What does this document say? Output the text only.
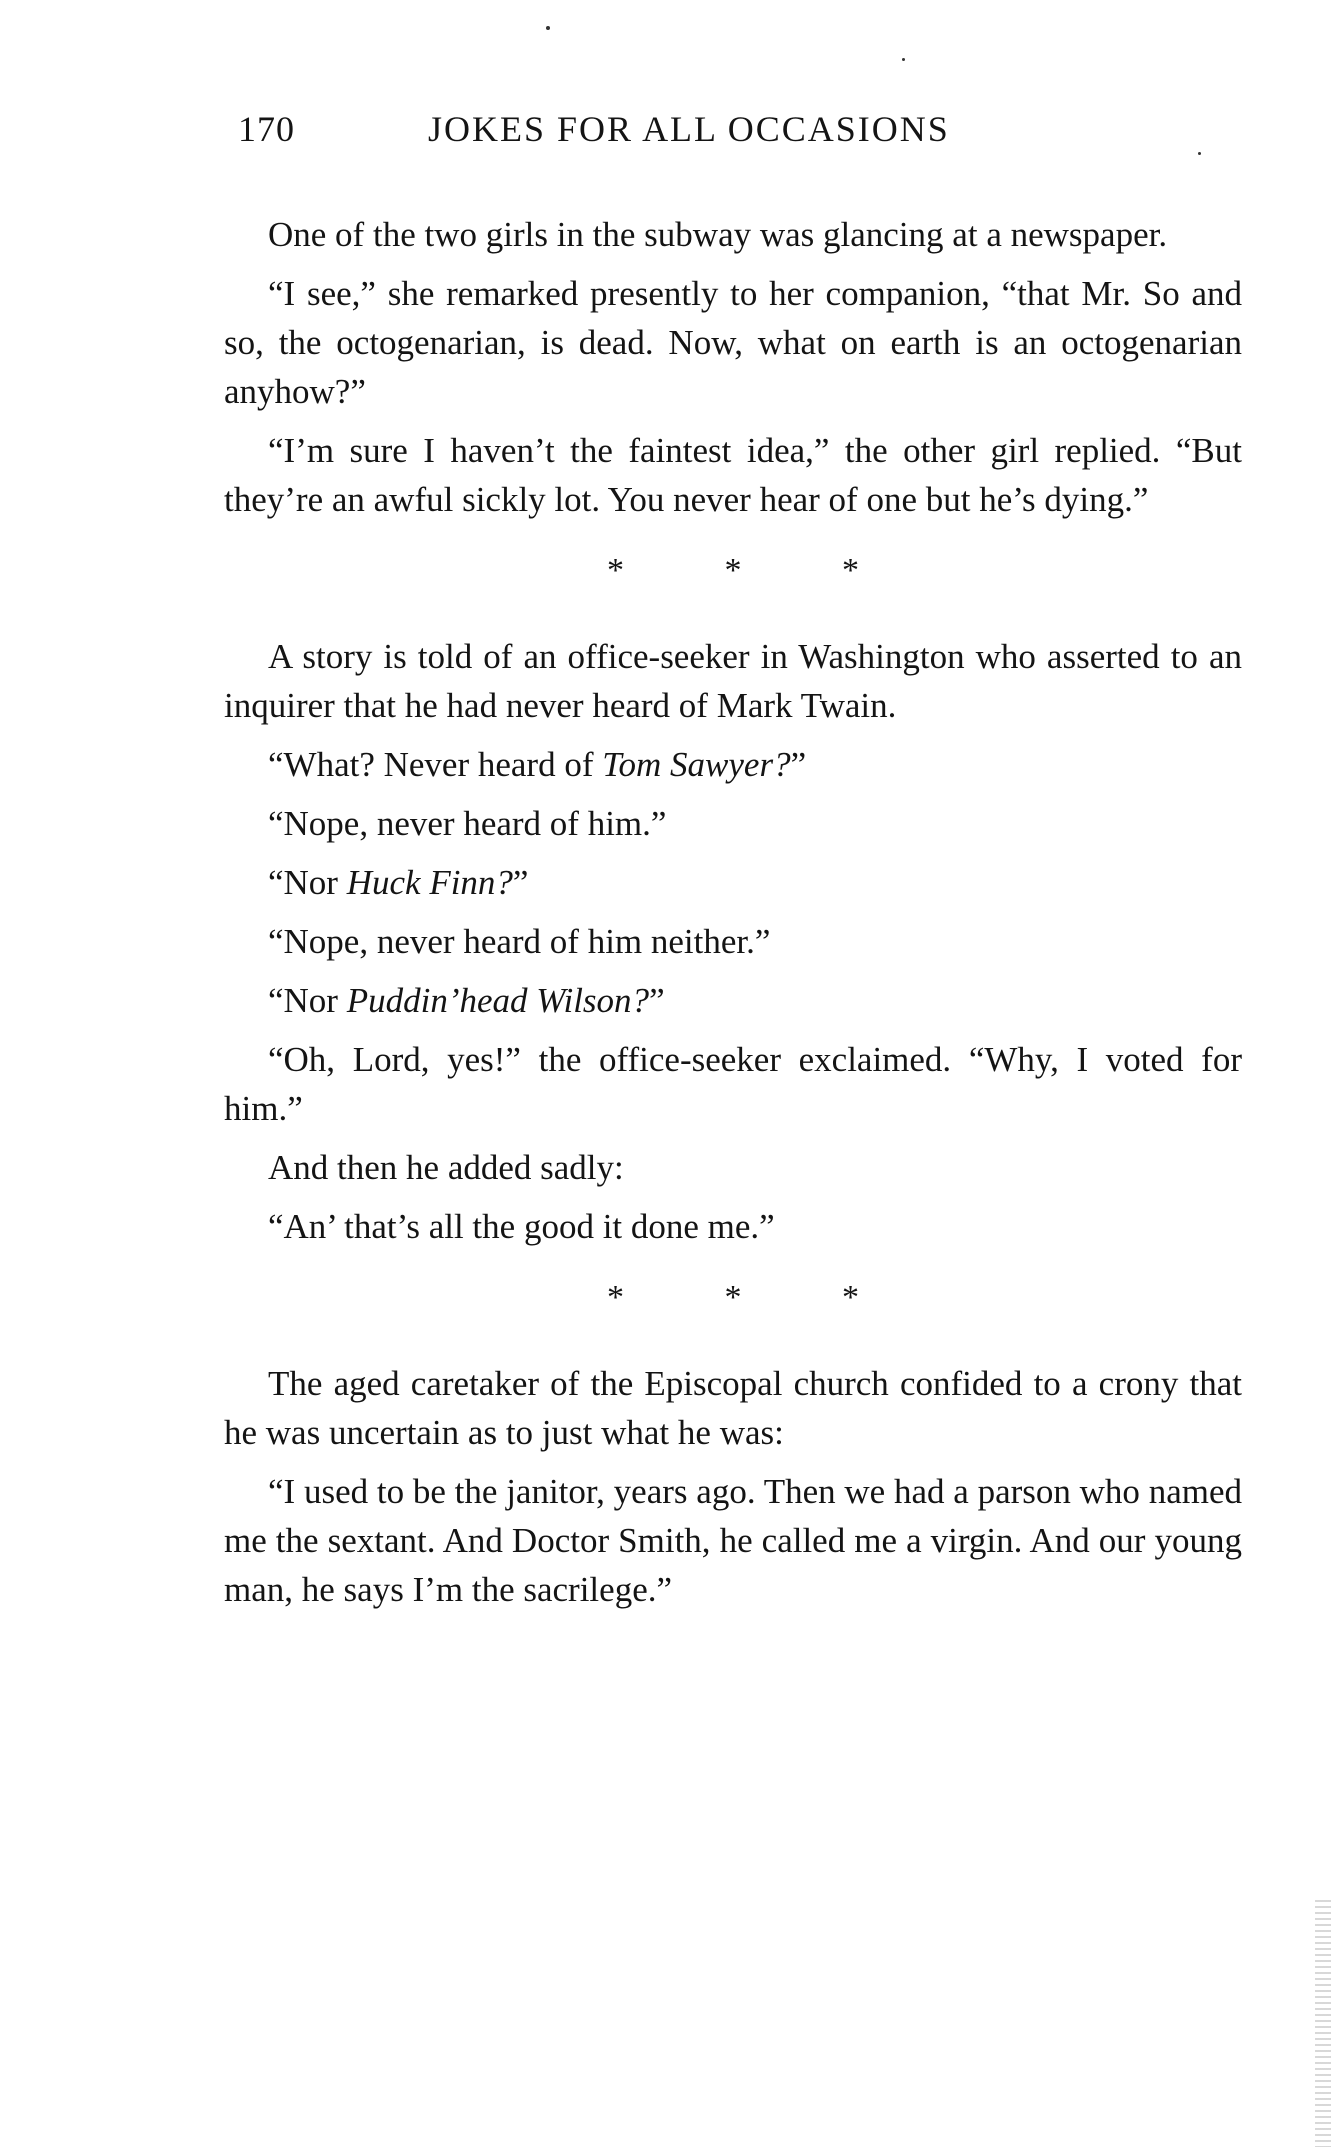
170	JOKES FOR ALL OCCASIONS

One of the two girls in the subway was glancing at a newspaper.

“I see,” she remarked presently to her companion, “that Mr. So and so, the octogenarian, is dead. Now, what on earth is an octogenarian anyhow?”

“I’m sure I haven’t the faintest idea,” the other girl replied. “But they’re an awful sickly lot. You never hear of one but he’s dying.”

* * *

A story is told of an office-seeker in Washington who asserted to an inquirer that he had never heard of Mark Twain.

“What? Never heard of Tom Sawyer?”

“Nope, never heard of him.”

“Nor Huck Finn?”

“Nope, never heard of him neither.”

“Nor Puddin’head Wilson?”

“Oh, Lord, yes!” the office-seeker exclaimed. “Why, I voted for him.”

And then he added sadly:

“An’ that’s all the good it done me.”

* * *

The aged caretaker of the Episcopal church confided to a crony that he was uncertain as to just what he was:

“I used to be the janitor, years ago. Then we had a parson who named me the sextant. And Doctor Smith, he called me a virgin. And our young man, he says I’m the sacrilege.”
